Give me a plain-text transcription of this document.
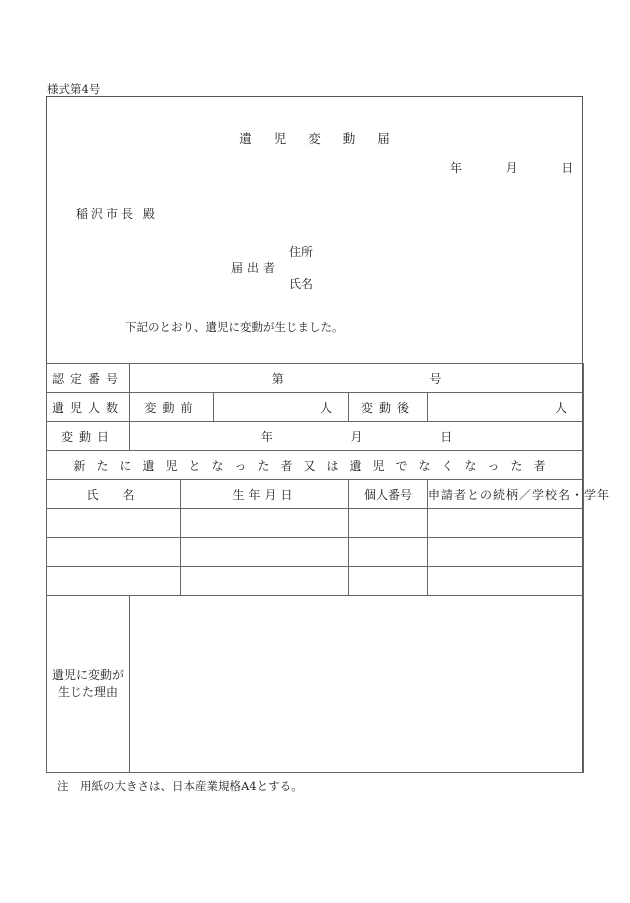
様式第4号
遺 児 変 動 届
年	月	日
稲沢市長 殿
住所
届出者
氏名
下記のとおり、遺児に変動が生じました。
認定番号	第 号				
遺児人数	変動前		人	変動後	人
変動日	年 月 日				
新たに遺児となった者又は遺児でなくなった者					
氏　名		生年月日		個人番号	申請者との続柄／学校名・学年

遺児に変動が生じた理由					
注　用紙の大きさは、日本産業規格A4とする。
